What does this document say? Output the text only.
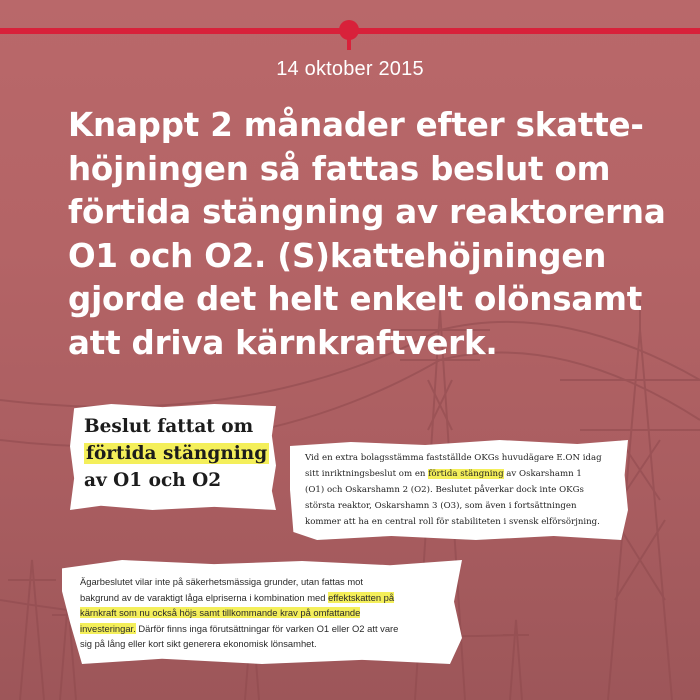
14 oktober 2015
Knappt 2 månader efter skatte-
höjningen så fattas beslut om
förtida stängning av reaktorerna
O1 och O2. (S)kattehöjningen
gjorde det helt enkelt olönsamt
att driva kärnkraftverk.
Beslut fattat om
förtida stängning
av O1 och O2
Vid en extra bolagsstämma fastställde OKGs huvudägare E.ON idag
sitt inriktningsbeslut om en förtida stängning av Oskarshamn 1
(O1) och Oskarshamn 2 (O2). Beslutet påverkar dock inte OKGs
största reaktor, Oskarshamn 3 (O3), som även i fortsättningen
kommer att ha en central roll för stabiliteten i svensk elförsörjning.
Ägarbeslutet vilar inte på säkerhetsmässiga grunder, utan fattas mot
bakgrund av de varaktigt låga elpriserna i kombination med effektskatten på
kärnkraft som nu också höjs samt tillkommande krav på omfattande
investeringar. Därför finns inga förutsättningar för varken O1 eller O2 att vare
sig på lång eller kort sikt generera ekonomisk lönsamhet.
